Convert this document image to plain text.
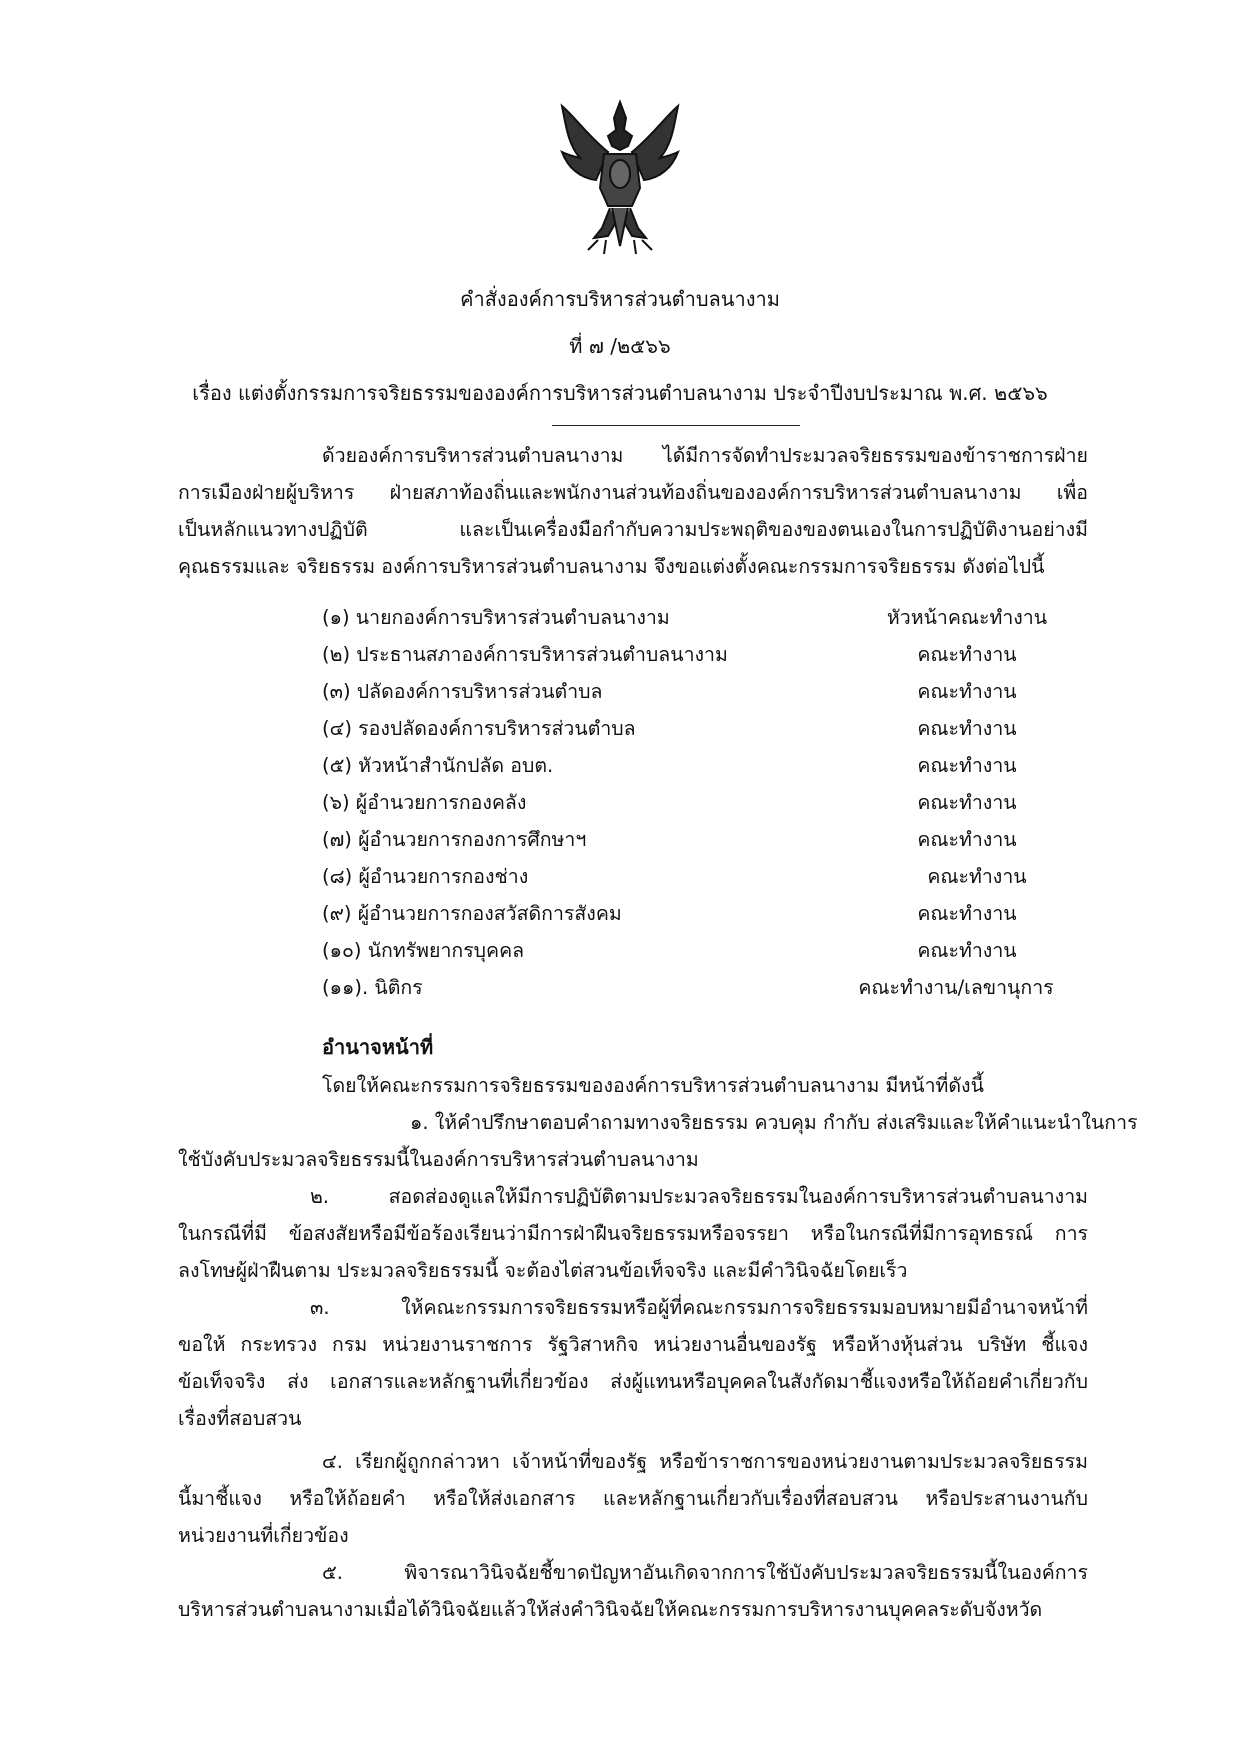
คำสั่งองค์การบริหารส่วนตำบลนางาม
ที่ ๗ /๒๕๖๖
เรื่อง แต่งตั้งกรรมการจริยธรรมขององค์การบริหารส่วนตำบลนางาม ประจำปีงบประมาณ พ.ศ. ๒๕๖๖
ด้วยองค์การบริหารส่วนตำบลนางาม ได้มีการจัดทำประมวลจริยธรรมของข้าราชการฝ่าย
การเมืองฝ่ายผู้บริหาร ฝ่ายสภาท้องถิ่นและพนักงานส่วนท้องถิ่นขององค์การบริหารส่วนตำบลนางาม เพื่อ
เป็นหลักแนวทางปฏิบัติ และเป็นเครื่องมือกำกับความประพฤติของของตนเองในการปฏิบัติงานอย่างมี
คุณธรรมและ จริยธรรม องค์การบริหารส่วนตำบลนางาม จึงขอแต่งตั้งคณะกรรมการจริยธรรม ดังต่อไปนี้
(๑) นายกองค์การบริหารส่วนตำบลนางาม	หัวหน้าคณะทำงาน
(๒) ประธานสภาองค์การบริหารส่วนตำบลนางาม	คณะทำงาน
(๓) ปลัดองค์การบริหารส่วนตำบล	คณะทำงาน
(๔) รองปลัดองค์การบริหารส่วนตำบล	คณะทำงาน
(๕) หัวหน้าสำนักปลัด อบต.	คณะทำงาน
(๖) ผู้อำนวยการกองคลัง	คณะทำงาน
(๗) ผู้อำนวยการกองการศึกษาฯ	คณะทำงาน
(๘) ผู้อำนวยการกองช่าง	คณะทำงาน
(๙) ผู้อำนวยการกองสวัสดิการสังคม	คณะทำงาน
(๑๐) นักทรัพยากรบุคคล	คณะทำงาน
(๑๑). นิติกร	คณะทำงาน/เลขานุการ
อำนาจหน้าที่
โดยให้คณะกรรมการจริยธรรมขององค์การบริหารส่วนตำบลนางาม มีหน้าที่ดังนี้
๑. ให้คำปรึกษาตอบคำถามทางจริยธรรม ควบคุม กำกับ ส่งเสริมและให้คำแนะนำในการ
ใช้บังคับประมวลจริยธรรมนี้ในองค์การบริหารส่วนตำบลนางาม
๒. สอดส่องดูแลให้มีการปฏิบัติตามประมวลจริยธรรมในองค์การบริหารส่วนตำบลนางาม
ในกรณีที่มี ข้อสงสัยหรือมีข้อร้องเรียนว่ามีการฝ่าฝืนจริยธรรมหรือจรรยา หรือในกรณีที่มีการอุทธรณ์ การ
ลงโทษผู้ฝ่าฝืนตาม ประมวลจริยธรรมนี้ จะต้องไต่สวนข้อเท็จจริง และมีคำวินิจฉัยโดยเร็ว
๓. ให้คณะกรรมการจริยธรรมหรือผู้ที่คณะกรรมการจริยธรรมมอบหมายมีอำนาจหน้าที่
ขอให้ กระทรวง กรม หน่วยงานราชการ รัฐวิสาหกิจ หน่วยงานอื่นของรัฐ หรือห้างหุ้นส่วน บริษัท ชี้แจง
ข้อเท็จจริง ส่ง เอกสารและหลักฐานที่เกี่ยวข้อง ส่งผู้แทนหรือบุคคลในสังกัดมาชี้แจงหรือให้ถ้อยคำเกี่ยวกับ
เรื่องที่สอบสวน
๔. เรียกผู้ถูกกล่าวหา เจ้าหน้าที่ของรัฐ หรือข้าราชการของหน่วยงานตามประมวลจริยธรรม
นี้มาชี้แจง หรือให้ถ้อยคำ หรือให้ส่งเอกสาร และหลักฐานเกี่ยวกับเรื่องที่สอบสวน หรือประสานงานกับ
หน่วยงานที่เกี่ยวข้อง
๕. พิจารณาวินิจฉัยชี้ขาดปัญหาอันเกิดจากการใช้บังคับประมวลจริยธรรมนี้ในองค์การ
บริหารส่วนตำบลนางามเมื่อได้วินิจฉัยแล้วให้ส่งคำวินิจฉัยให้คณะกรรมการบริหารงานบุคคลระดับจังหวัด
